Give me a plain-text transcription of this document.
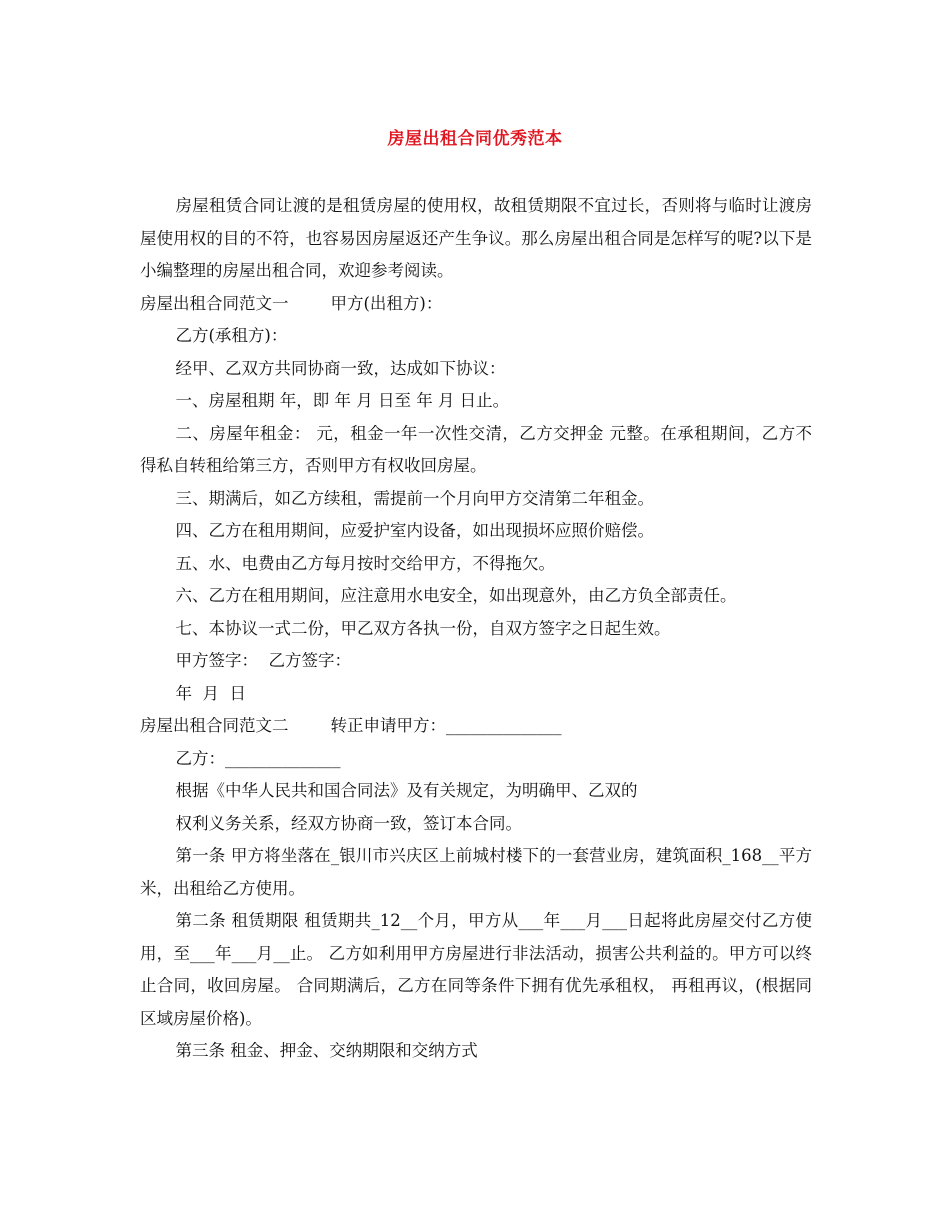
房屋出租合同优秀范本

房屋租赁合同让渡的是租赁房屋的使用权，故租赁期限不宜过长，否则将与临时让渡房屋使用权的目的不符，也容易因房屋返还产生争议。那么房屋出租合同是怎样写的呢?以下是小编整理的房屋出租合同，欢迎参考阅读。

房屋出租合同范文一	甲方(出租方)：

乙方(承租方)：

经甲、乙双方共同协商一致，达成如下协议：

一、房屋租期 年，即 年 月 日至 年 月 日止。

二、房屋年租金： 元，租金一年一次性交清，乙方交押金 元整。在承租期间，乙方不得私自转租给第三方，否则甲方有权收回房屋。

三、期满后，如乙方续租，需提前一个月向甲方交清第二年租金。

四、乙方在租用期间，应爱护室内设备，如出现损坏应照价赔偿。

五、水、电费由乙方每月按时交给甲方，不得拖欠。

六、乙方在租用期间，应注意用水电安全，如出现意外，由乙方负全部责任。

七、本协议一式二份，甲乙双方各执一份，自双方签字之日起生效。

甲方签字：  乙方签字：

年  月  日

房屋出租合同范文二	转正申请甲方：______________

乙方：______________

根据《中华人民共和国合同法》及有关规定，为明确甲、乙双的

权利义务关系，经双方协商一致，签订本合同。

第一条 甲方将坐落在_银川市兴庆区上前城村楼下的一套营业房，建筑面积_168__平方米，出租给乙方使用。

第二条 租赁期限 租赁期共_12__个月，甲方从___年___月___日起将此房屋交付乙方使用，至___年___月__止。 乙方如利用甲方房屋进行非法活动，损害公共利益的。甲方可以终止合同，收回房屋。 合同期满后，乙方在同等条件下拥有优先承租权， 再租再议，(根据同区域房屋价格)。

第三条 租金、押金、交纳期限和交纳方式
